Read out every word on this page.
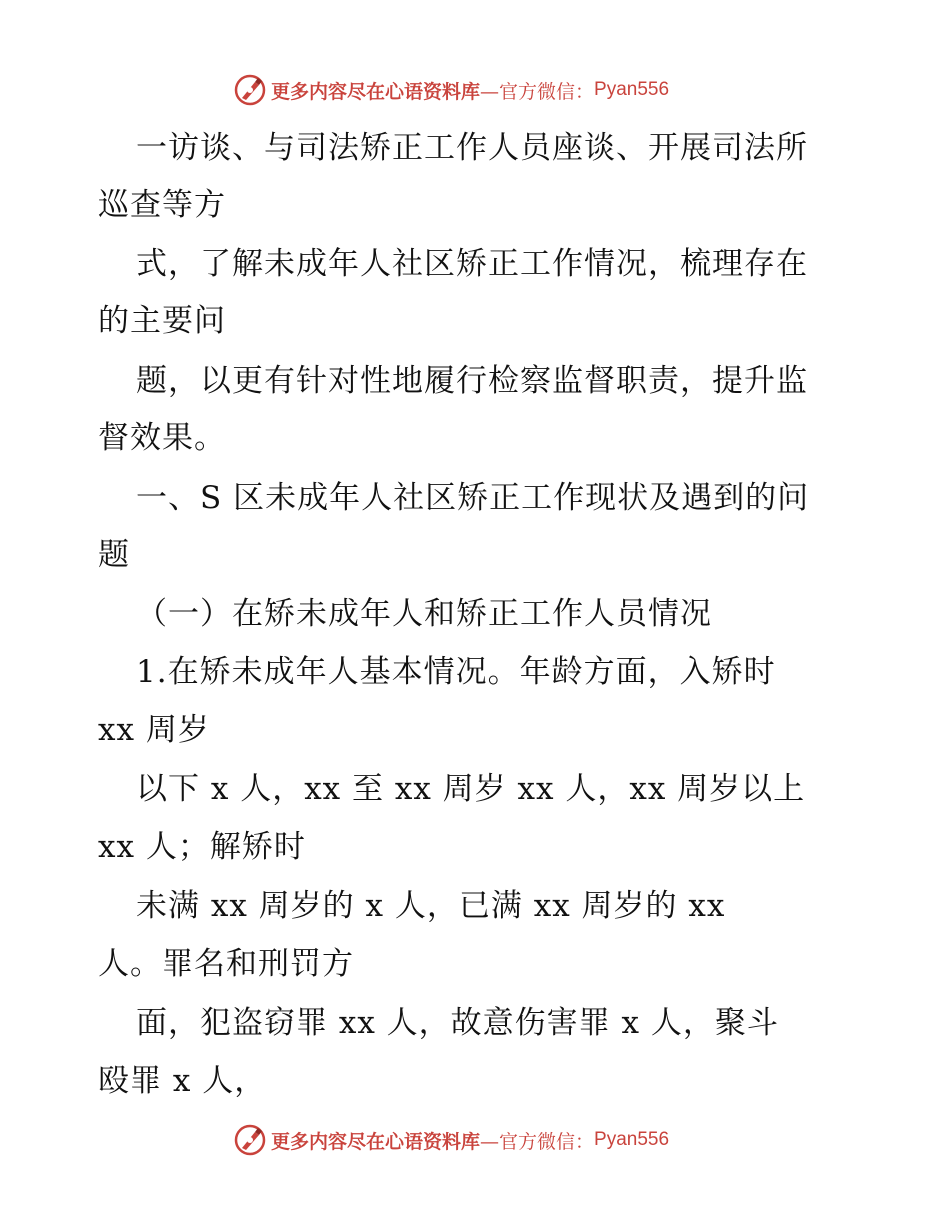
更多内容尽在心语资料库 —官方微信： Pyan556
一访谈、与司法矫正工作人员座谈、开展司法所
巡查等方
式，了解未成年人社区矫正工作情况，梳理存在
的主要问
题，以更有针对性地履行检察监督职责，提升监
督效果。
一、S 区未成年人社区矫正工作现状及遇到的问
题
（一）在矫未成年人和矫正工作人员情况
1.在矫未成年人基本情况。年龄方面，入矫时
xx 周岁
以下 x 人，xx 至 xx 周岁 xx 人，xx 周岁以上
xx 人；解矫时
未满 xx 周岁的 x 人，已满 xx 周岁的 xx
人。罪名和刑罚方
面，犯盗窃罪 xx 人，故意伤害罪 x 人，聚斗
殴罪 x 人，
更多内容尽在心语资料库 —官方微信： Pyan556
